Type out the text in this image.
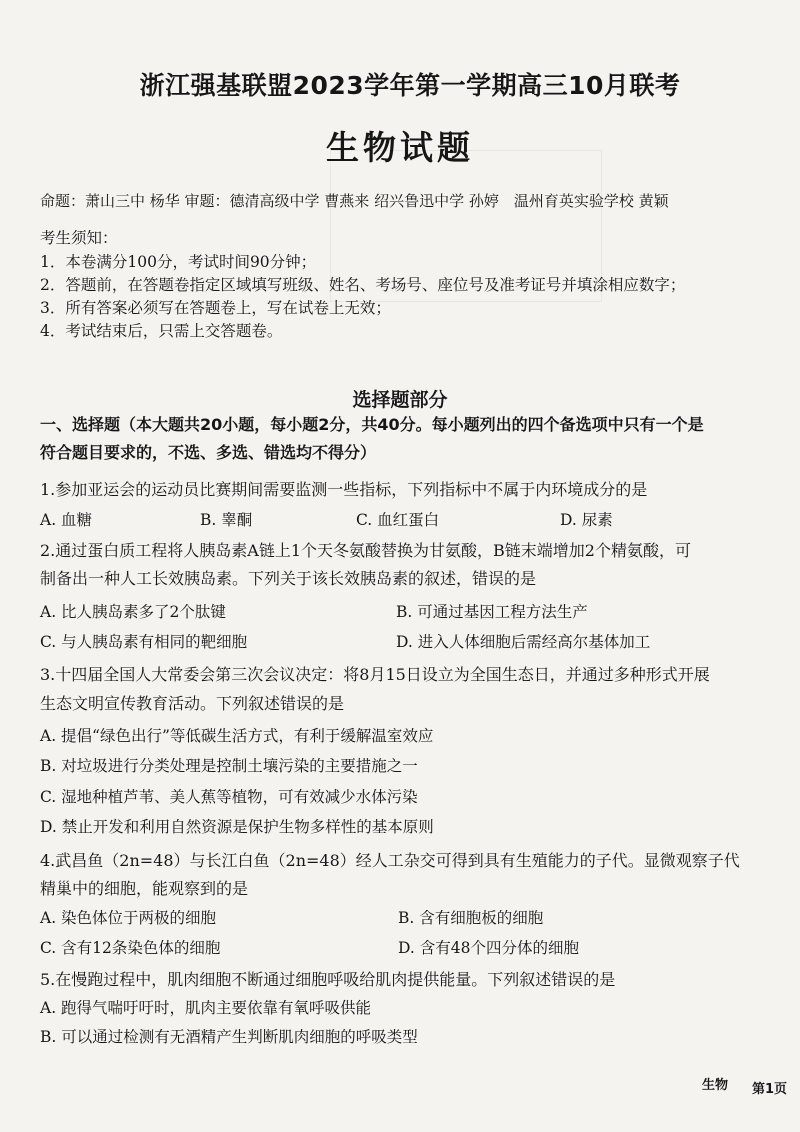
浙江强基联盟2023学年第一学期高三10月联考
生物试题
命题：萧山三中 杨华 审题：德清高级中学 曹燕来 绍兴鲁迅中学 孙婷　温州育英实验学校 黄颖
考生须知：
1．本卷满分100分，考试时间90分钟；
2．答题前，在答题卷指定区域填写班级、姓名、考场号、座位号及准考证号并填涂相应数字；
3．所有答案必须写在答题卷上，写在试卷上无效；
4．考试结束后，只需上交答题卷。
选择题部分
一、选择题（本大题共20小题，每小题2分，共40分。每小题列出的四个备选项中只有一个是
符合题目要求的，不选、多选、错选均不得分）
1.参加亚运会的运动员比赛期间需要监测一些指标，下列指标中不属于内环境成分的是
A. 血糖	B. 睾酮	C. 血红蛋白	D. 尿素
2.通过蛋白质工程将人胰岛素A链上1个天冬氨酸替换为甘氨酸，B链末端增加2个精氨酸，可
制备出一种人工长效胰岛素。下列关于该长效胰岛素的叙述，错误的是
A. 比人胰岛素多了2个肽键	B. 可通过基因工程方法生产
C. 与人胰岛素有相同的靶细胞	D. 进入人体细胞后需经高尔基体加工
3.十四届全国人大常委会第三次会议决定：将8月15日设立为全国生态日，并通过多种形式开展
生态文明宣传教育活动。下列叙述错误的是
A. 提倡“绿色出行”等低碳生活方式，有利于缓解温室效应
B. 对垃圾进行分类处理是控制土壤污染的主要措施之一
C. 湿地种植芦苇、美人蕉等植物，可有效减少水体污染
D. 禁止开发和利用自然资源是保护生物多样性的基本原则
4.武昌鱼（2n=48）与长江白鱼（2n=48）经人工杂交可得到具有生殖能力的子代。显微观察子代
精巢中的细胞，能观察到的是
A. 染色体位于两极的细胞	B. 含有细胞板的细胞
C. 含有12条染色体的细胞	D. 含有48个四分体的细胞
5.在慢跑过程中，肌肉细胞不断通过细胞呼吸给肌肉提供能量。下列叙述错误的是
A. 跑得气喘吁吁时，肌肉主要依靠有氧呼吸供能
B. 可以通过检测有无酒精产生判断肌肉细胞的呼吸类型
生物 第1页
